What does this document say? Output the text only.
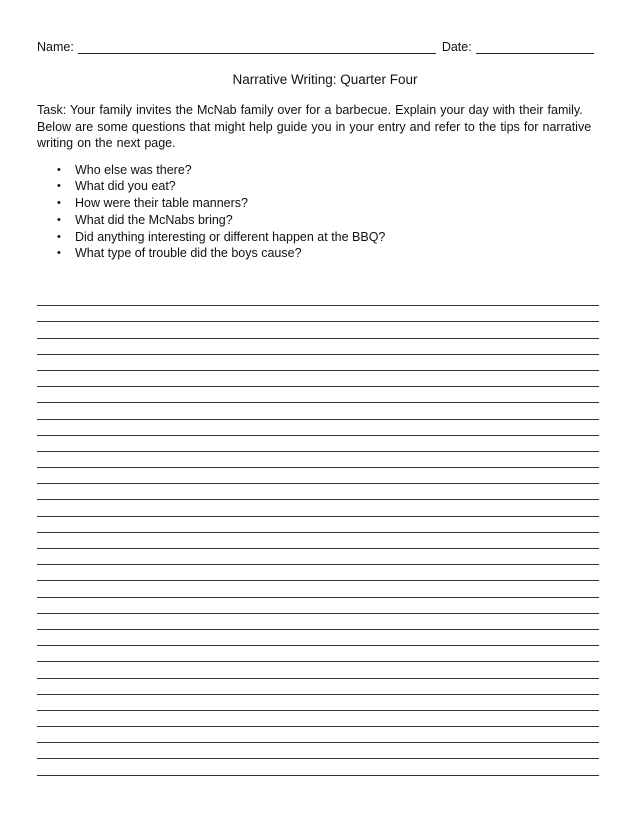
Name:	Date:
Narrative Writing: Quarter Four
Task: Your family invites the McNab family over for a barbecue. Explain your day with their family. Below are some questions that might help guide you in your entry and refer to the tips for narrative writing on the next page.
•	Who else was there?
•	What did you eat?
•	How were their table manners?
•	What did the McNabs bring?
•	Did anything interesting or different happen at the BBQ?
•	What type of trouble did the boys cause?
